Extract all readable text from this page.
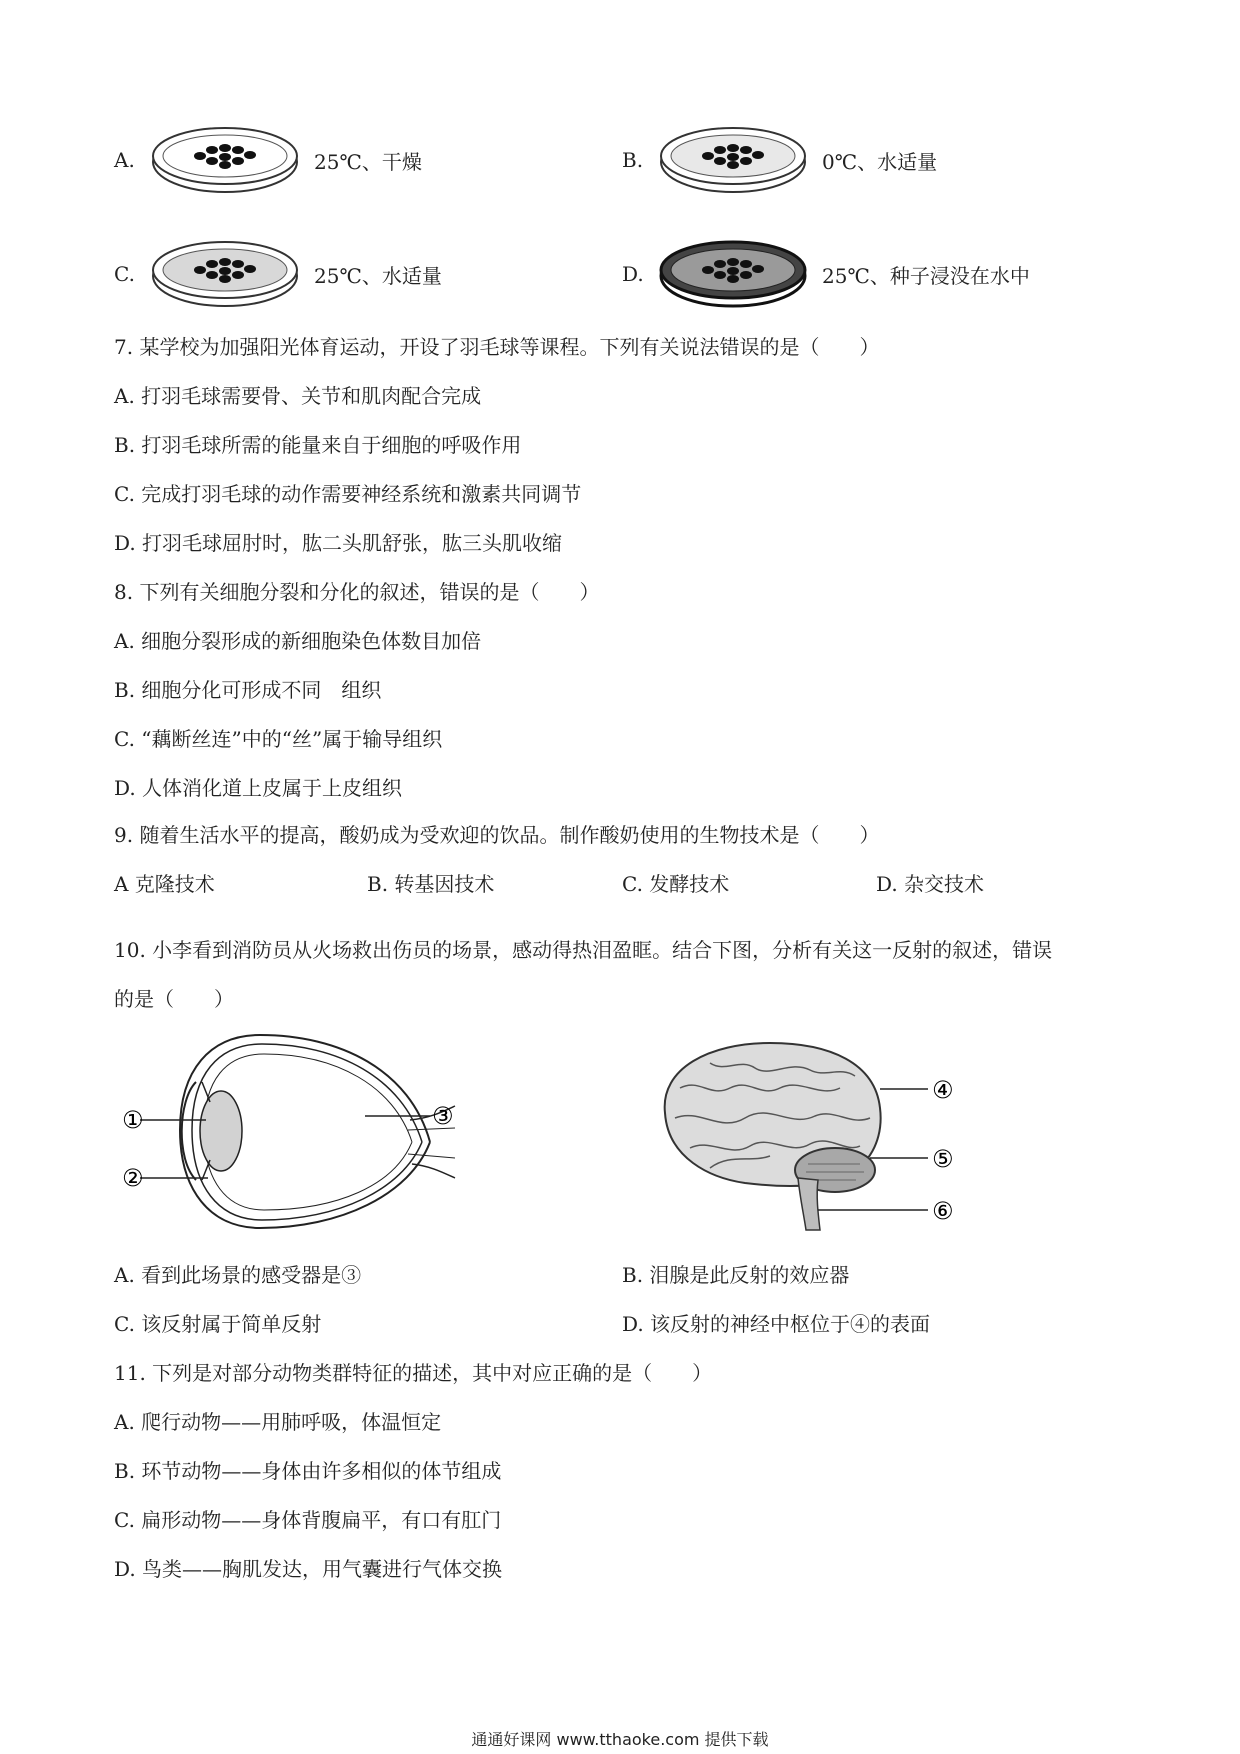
A.	25℃、干燥	B.	0℃、水适量
C.	25℃、水适量	D.	25℃、种子浸没在水中
7. 某学校为加强阳光体育运动，开设了羽毛球等课程。下列有关说法错误的是（　　）
A. 打羽毛球需要骨、关节和肌肉配合完成
B. 打羽毛球所需的能量来自于细胞的呼吸作用
C. 完成打羽毛球的动作需要神经系统和激素共同调节
D. 打羽毛球屈肘时，肱二头肌舒张，肱三头肌收缩
8. 下列有关细胞分裂和分化的叙述，错误的是（　　）
A. 细胞分裂形成的新细胞染色体数目加倍
B. 细胞分化可形成不同　组织
C. “藕断丝连”中的“丝”属于输导组织
D. 人体消化道上皮属于上皮组织
9. 随着生活水平的提高，酸奶成为受欢迎的饮品。制作酸奶使用的生物技术是（　　）
A 克隆技术	B. 转基因技术	C. 发酵技术	D. 杂交技术
10. 小李看到消防员从火场救出伤员的场景，感动得热泪盈眶。结合下图，分析有关这一反射的叙述，错误
的是（　　）
①
②
③
④
⑤
⑥
A. 看到此场景的感受器是③	B. 泪腺是此反射的效应器
C. 该反射属于简单反射	D. 该反射的神经中枢位于④的表面
11. 下列是对部分动物类群特征的描述，其中对应正确的是（　　）
A. 爬行动物——用肺呼吸，体温恒定
B. 环节动物——身体由许多相似的体节组成
C. 扁形动物——身体背腹扁平，有口有肛门
D. 鸟类——胸肌发达，用气囊进行气体交换
通通好课网 www.tthaoke.com 提供下载
